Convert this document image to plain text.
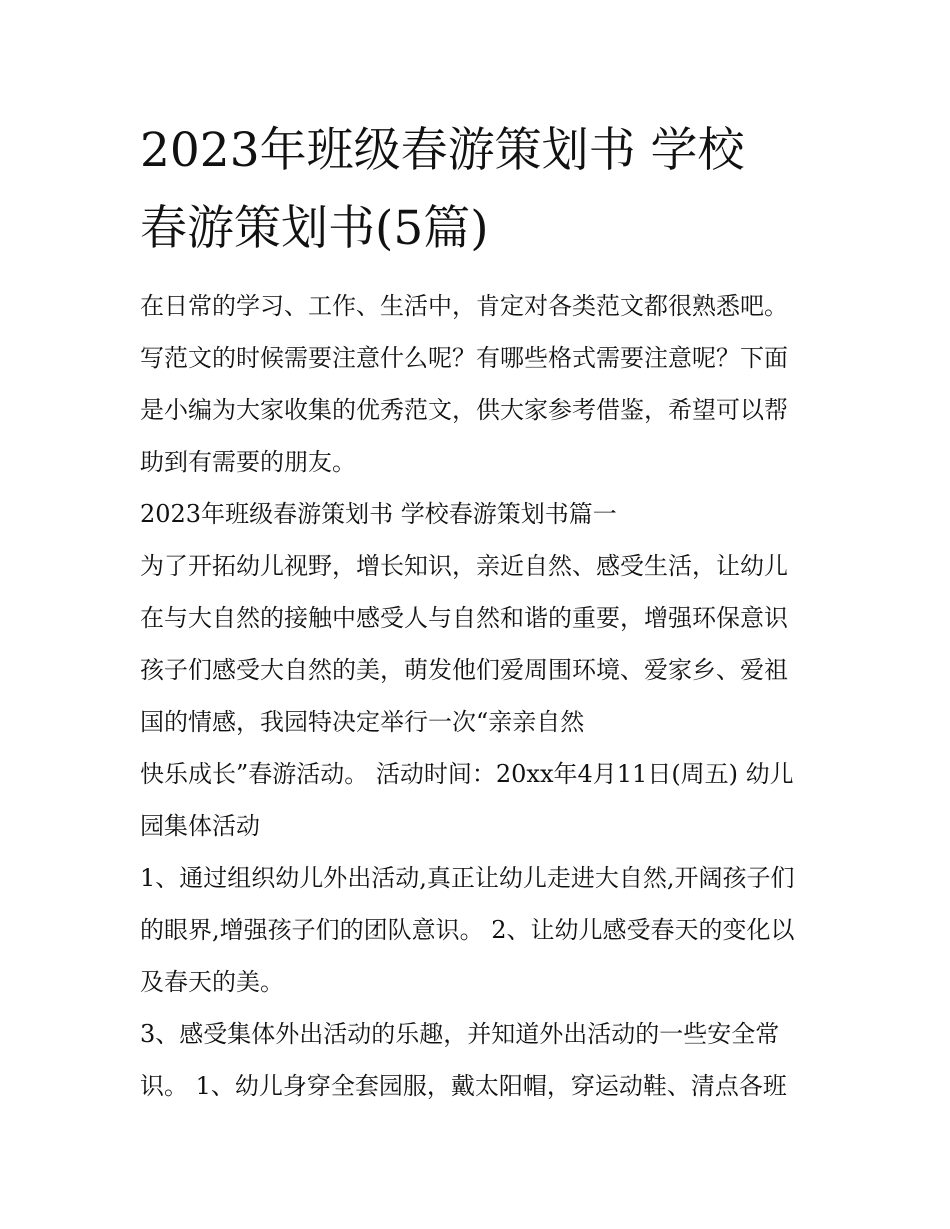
2023年班级春游策划书 学校
春游策划书(5篇)
在日常的学习、工作、生活中，肯定对各类范文都很熟悉吧。
写范文的时候需要注意什么呢？有哪些格式需要注意呢？下面
是小编为大家收集的优秀范文，供大家参考借鉴，希望可以帮
助到有需要的朋友。
2023年班级春游策划书 学校春游策划书篇一
为了开拓幼儿视野，增长知识，亲近自然、感受生活，让幼儿
在与大自然的接触中感受人与自然和谐的重要，增强环保意识
孩子们感受大自然的美，萌发他们爱周围环境、爱家乡、爱祖
国的情感，我园特决定举行一次“亲亲自然
快乐成长”春游活动。 活动时间：20xx年4月11日(周五) 幼儿
园集体活动
1、通过组织幼儿外出活动,真正让幼儿走进大自然,开阔孩子们
的眼界,增强孩子们的团队意识。 2、让幼儿感受春天的变化以
及春天的美。
3、感受集体外出活动的乐趣，并知道外出活动的一些安全常
识。 1、幼儿身穿全套园服，戴太阳帽，穿运动鞋、清点各班
